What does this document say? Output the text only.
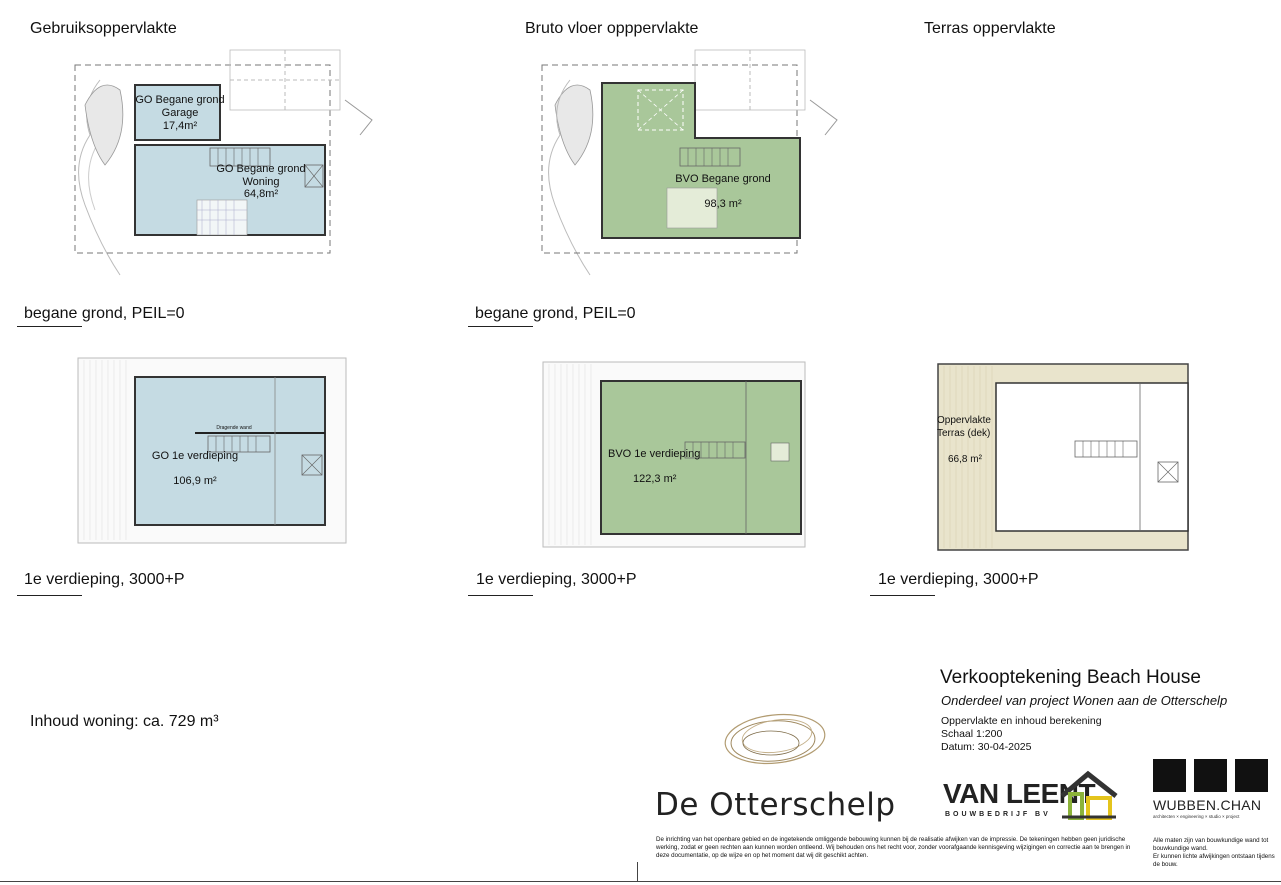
Gebruiksoppervlakte	Bruto vloer opppervlakte	Terras oppervlakte
GO Begane grond
Garage
17,4m²
GO Begane grond
Woning
64,8m²
begane grond, PEIL=0
BVO Begane grond
98,3 m²
begane grond, PEIL=0
Dragende wand
GO 1e verdieping
106,9 m²
1e verdieping, 3000+P
BVO 1e verdieping
122,3 m²
1e verdieping, 3000+P
Oppervlakte
Terras (dek)
66,8 m²
1e verdieping, 3000+P
Inhoud woning: ca. 729 m³
Verkooptekening Beach House
Onderdeel van project Wonen aan de Otterschelp
Oppervlakte en inhoud berekening
Schaal 1:200
Datum: 30-04-2025
De Otterschelp VAN LEENT
BOUWBEDRIJF BV
WUBBEN.CHAN
architecten × engineering × studio × project
De inrichting van het openbare gebied en de ingetekende omliggende bebouwing kunnen bij de realisatie afwijken van de impressie. De tekeningen hebben geen juridische werking, zodat er geen rechten aan kunnen worden ontleend. Wij behouden ons het recht voor, zonder voorafgaande kennisgeving wijzigingen en correctie aan te brengen in deze documentatie, op de wijze en op het moment dat wij dit geschikt achten.
Alle maten zijn van bouwkundige wand tot bouwkundige wand.
Er kunnen lichte afwijkingen ontstaan tijdens de bouw.
